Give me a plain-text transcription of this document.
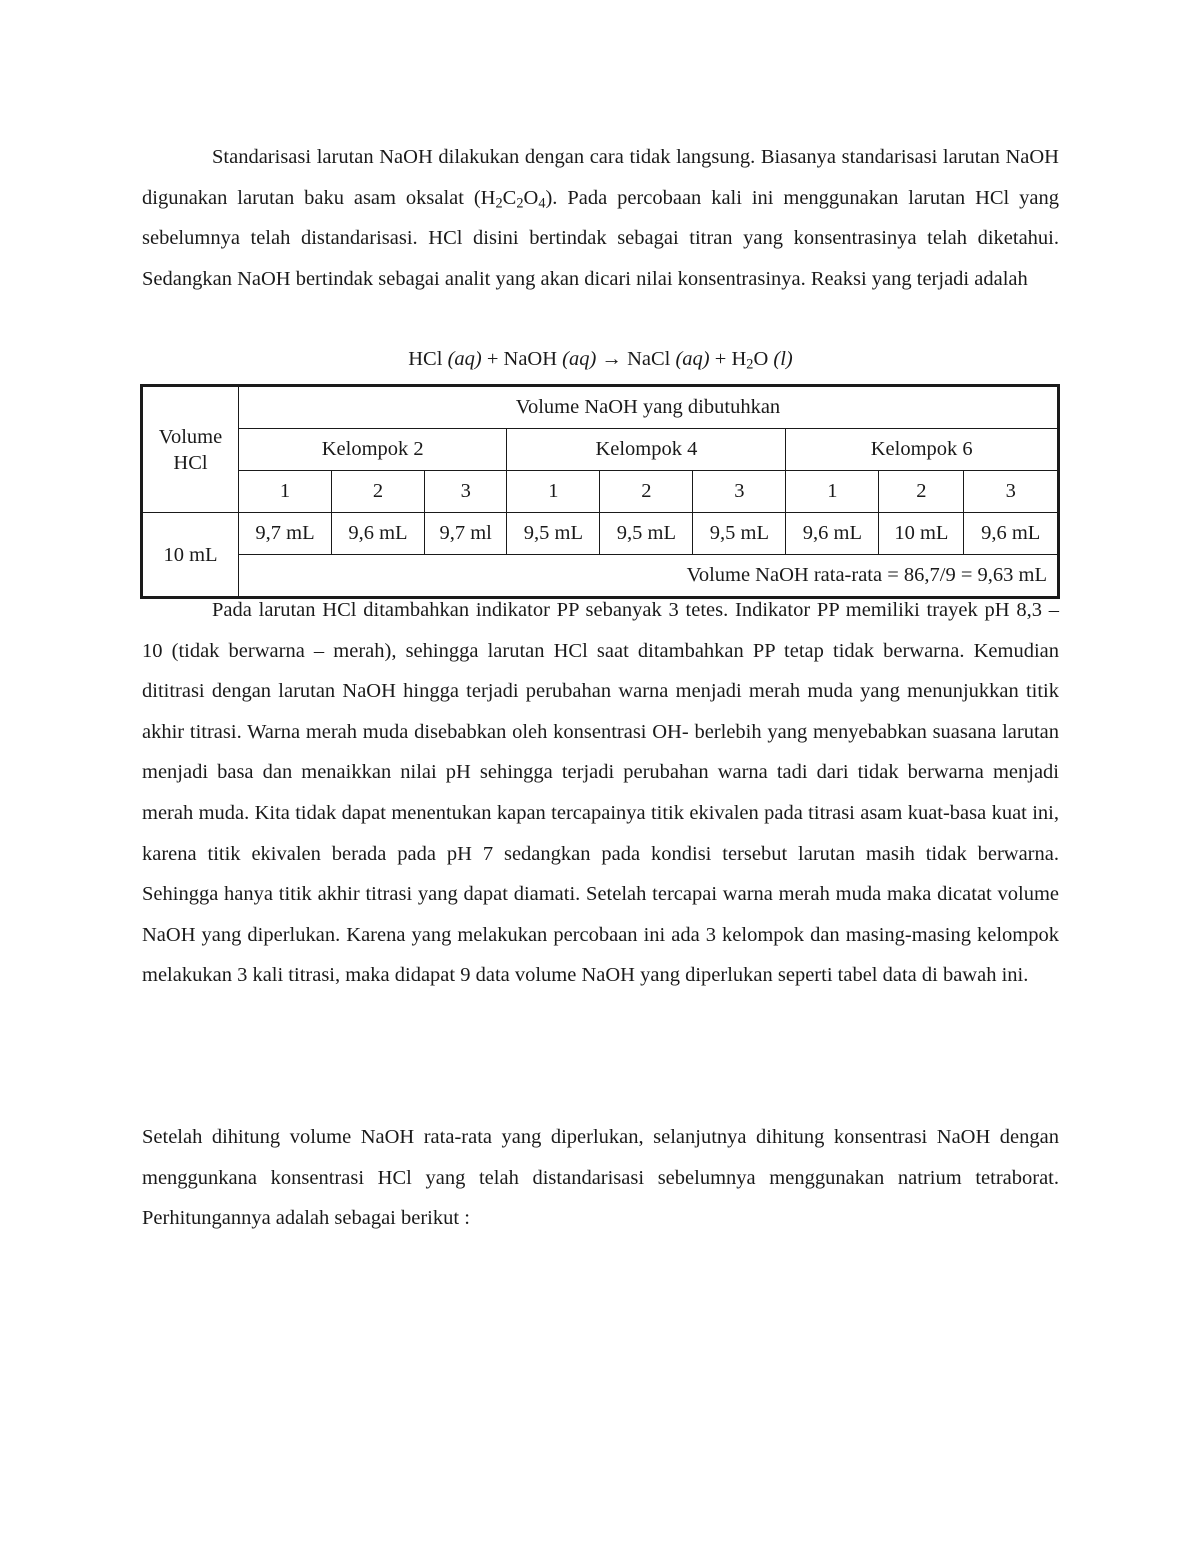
Standarisasi larutan NaOH dilakukan dengan cara tidak langsung. Biasanya standarisasi larutan NaOH digunakan larutan baku asam oksalat $(H_2C_2O_4)$. Pada percobaan kali ini menggunakan larutan HCl yang sebelumnya telah distandarisasi. HCl disini bertindak sebagai titran yang konsentrasinya telah diketahui. Sedangkan NaOH bertindak sebagai analit yang akan dicari nilai konsentrasinya. Reaksi yang terjadi adalah

HCl (aq) + NaOH (aq) → NaCl $(aq) + H_2O$ (l)

Volume
HCl	Volume NaOH yang dibutuhkan								
	Kelompok 2			Kelompok 4			Kelompok 6		
	1	2	3	1	2	3	1	2	3
10 mL	9,7 mL	9,6 mL	9,7 ml	9,5 mL	9,5 mL	9,5 mL	9,6 mL	10 mL	9,6 mL
	Volume NaOH rata-rata = 86,7/9 = 9,63 mL								

Pada larutan HCl ditambahkan indikator PP sebanyak 3 tetes. Indikator PP memiliki trayek pH 8,3 – 10 (tidak berwarna – merah), sehingga larutan HCl saat ditambahkan PP tetap tidak berwarna. Kemudian dititrasi dengan larutan NaOH hingga terjadi perubahan warna menjadi merah muda yang menunjukkan titik akhir titrasi. Warna merah muda disebabkan oleh konsentrasi OH- berlebih yang menyebabkan suasana larutan menjadi basa dan menaikkan nilai pH sehingga terjadi perubahan warna tadi dari tidak berwarna menjadi merah muda. Kita tidak dapat menentukan kapan tercapainya titik ekivalen pada titrasi asam kuat-basa kuat ini, karena titik ekivalen berada pada pH 7 sedangkan pada kondisi tersebut larutan masih tidak berwarna. Sehingga hanya titik akhir titrasi yang dapat diamati. Setelah tercapai warna merah muda maka dicatat volume NaOH yang diperlukan. Karena yang melakukan percobaan ini ada 3 kelompok dan masing-masing kelompok melakukan 3 kali titrasi, maka didapat 9 data volume NaOH yang diperlukan seperti tabel data di bawah ini.

Setelah dihitung volume NaOH rata-rata yang diperlukan, selanjutnya dihitung konsentrasi NaOH dengan menggunkana konsentrasi HCl yang telah distandarisasi sebelumnya menggunakan natrium tetraborat. Perhitungannya adalah sebagai berikut :
